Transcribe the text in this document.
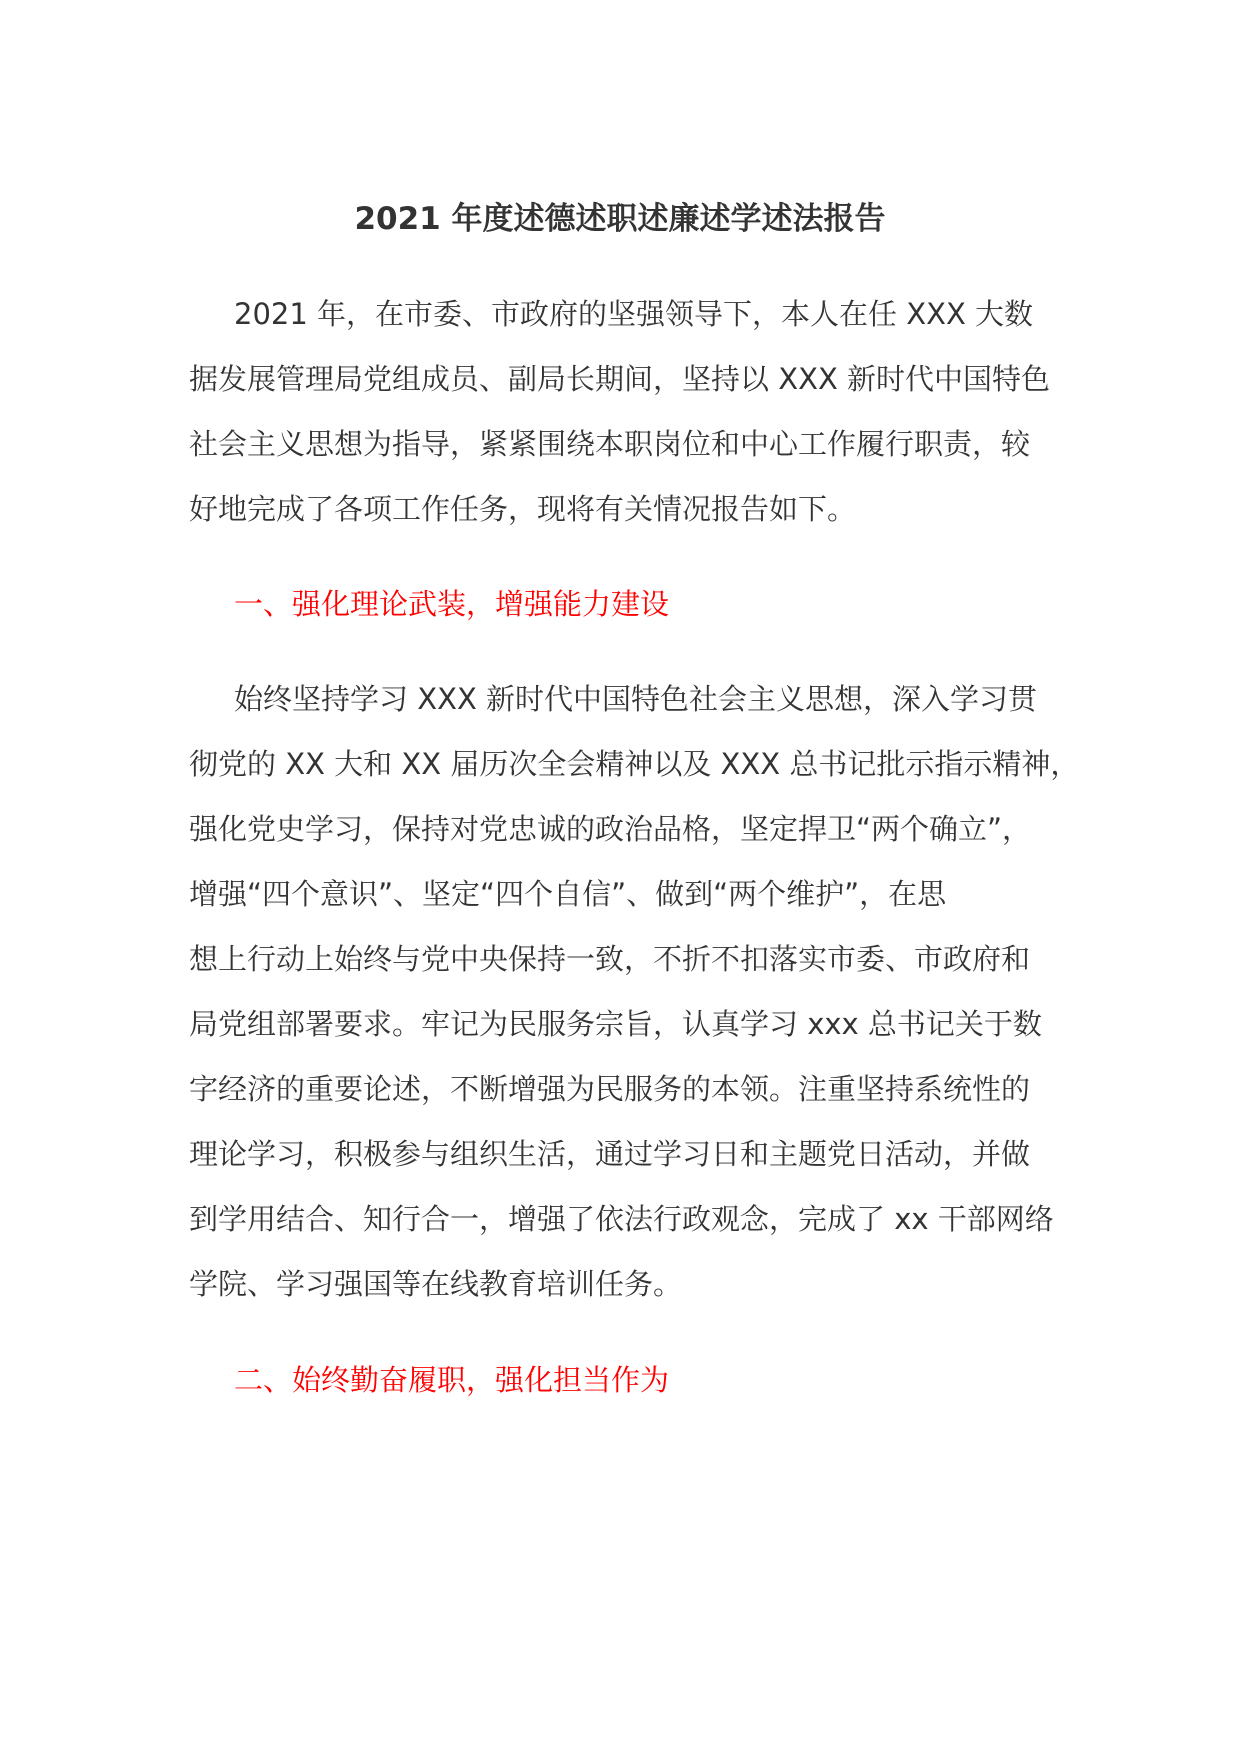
2021 年度述德述职述廉述学述法报告
2021 年，在市委、市政府的坚强领导下，本人在任 XXX 大数
据发展管理局党组成员、副局长期间，坚持以 XXX 新时代中国特色
社会主义思想为指导，紧紧围绕本职岗位和中心工作履行职责，较
好地完成了各项工作任务，现将有关情况报告如下。
一、强化理论武装，增强能力建设
始终坚持学习 XXX 新时代中国特色社会主义思想，深入学习贯
彻党的 XX 大和 XX 届历次全会精神以及 XXX 总书记批示指示精神，
强化党史学习，保持对党忠诚的政治品格，坚定捍卫“两个确立”，
增强“四个意识”、坚定“四个自信”、做到“两个维护”，在思
想上行动上始终与党中央保持一致，不折不扣落实市委、市政府和
局党组部署要求。牢记为民服务宗旨，认真学习 xxx 总书记关于数
字经济的重要论述，不断增强为民服务的本领。注重坚持系统性的
理论学习，积极参与组织生活，通过学习日和主题党日活动，并做
到学用结合、知行合一，增强了依法行政观念，完成了 xx 干部网络
学院、学习强国等在线教育培训任务。
二、始终勤奋履职，强化担当作为
